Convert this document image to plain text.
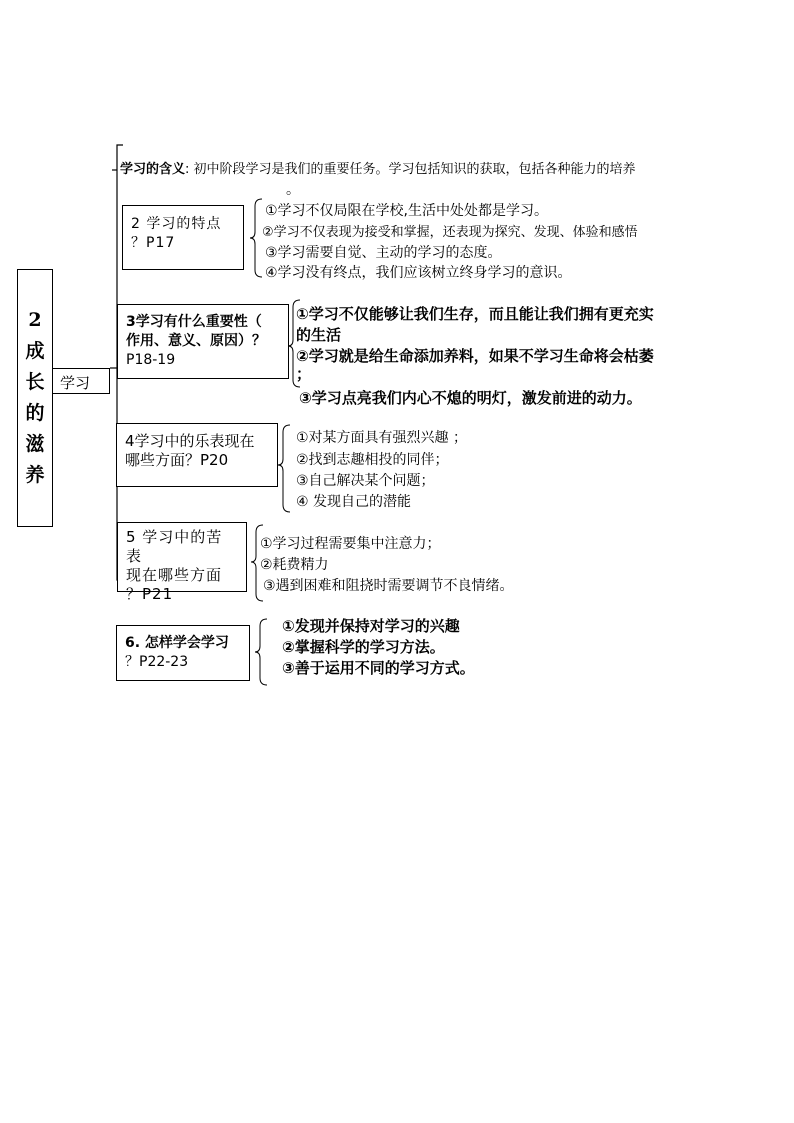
2
成
长
的
滋
养
学习
学习的含义: 初中阶段学习是我们的重要任务。学习包括知识的获取，包括各种能力的培养
。
2 学习的特点
？P17
①学习不仅局限在学校,生活中处处都是学习。
②学习不仅表现为接受和掌握，还表现为探究、发现、体验和感悟
③学习需要自觉、主动的学习的态度。
④学习没有终点，我们应该树立终身学习的意识。
3学习有什么重要性（
作用、意义、原因）？
P18-19
①学习不仅能够让我们生存，而且能让我们拥有更充实
的生活
②学习就是给生命添加养料，如果不学习生命将会枯萎
；
③学习点亮我们内心不熄的明灯，激发前进的动力。
4学习中的乐表现在
哪些方面？P20
①对某方面具有强烈兴趣 ；
②找到志趣相投的同伴；
③自己解决某个问题；
④ 发现自己的潜能
5 学习中的苦表
现在哪些方面
？P21
①学习过程需要集中注意力；
②耗费精力
③遇到困难和阻挠时需要调节不良情绪。
6. 怎样学会学习
？P22-23
①发现并保持对学习的兴趣
②掌握科学的学习方法。
③善于运用不同的学习方式。
